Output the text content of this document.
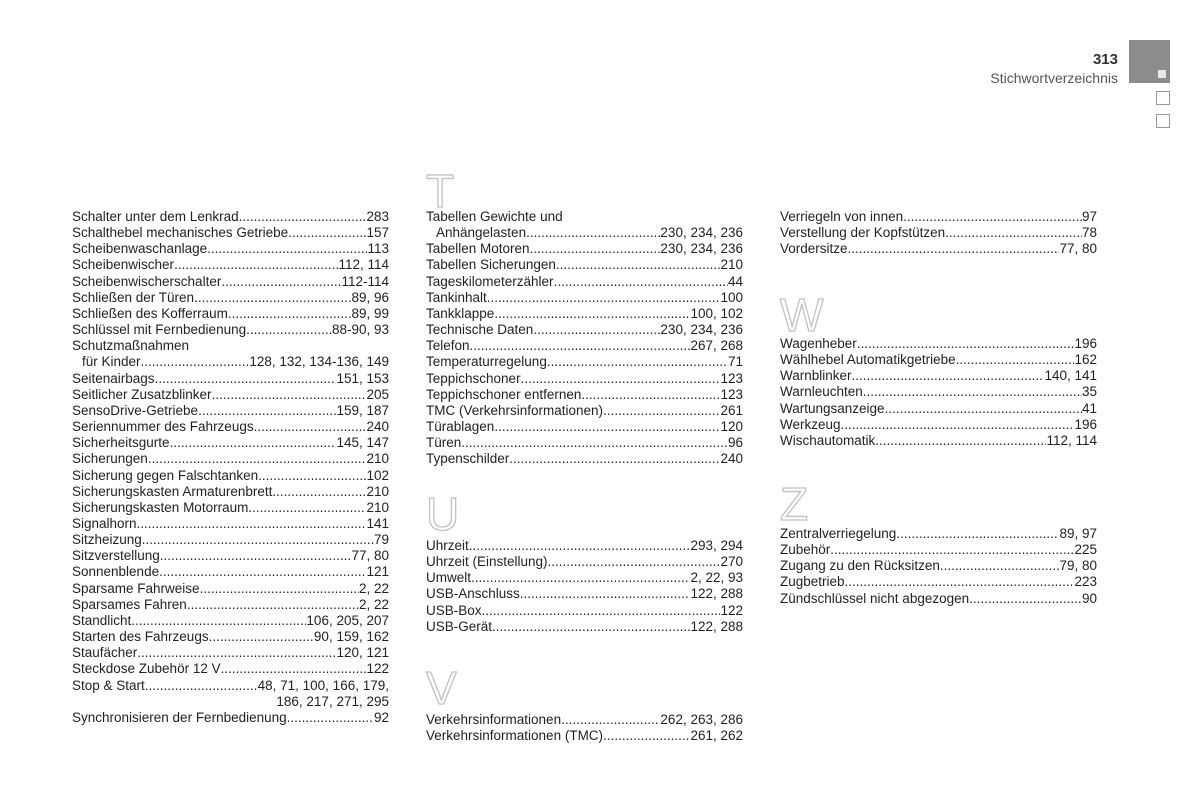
313
Stichwortverzeichnis
Schalter unter dem Lenkrad .....	283
Schalthebel mechanisches Getriebe .....	157
Scheibenwaschanlage .....	113
Scheibenwischer .....	112, 114
Scheibenwischerschalter .....	112-114
Schließen der Türen .....	89, 96
Schließen des Kofferraum .....	89, 99
Schlüssel mit Fernbedienung .....	88-90, 93
Schutzmaßnahmen
für Kinder .....	128, 132, 134-136, 149
Seitenairbags .....	151, 153
Seitlicher Zusatzblinker .....	205
SensoDrive-Getriebe .....	159, 187
Seriennummer des Fahrzeugs .....	240
Sicherheitsgurte .....	145, 147
Sicherungen .....	210
Sicherung gegen Falschtanken .....	102
Sicherungskasten Armaturenbrett .....	210
Sicherungskasten Motorraum .....	210
Signalhorn .....	141
Sitzheizung .....	79
Sitzverstellung .....	77, 80
Sonnenblende .....	121
Sparsame Fahrweise .....	2, 22
Sparsames Fahren .....	2, 22
Standlicht .....	106, 205, 207
Starten des Fahrzeugs .....	90, 159, 162
Staufächer .....	120, 121
Steckdose Zubehör 12 V .....	122
Stop & Start .....	48, 71, 100, 166, 179,
186, 217, 271, 295
Synchronisieren der Fernbedienung .....	92
T
Tabellen Gewichte und
Anhängelasten .....	230, 234, 236
Tabellen Motoren .....	230, 234, 236
Tabellen Sicherungen .....	210
Tageskilometerzähler .....	44
Tankinhalt .....	100
Tankklappe .....	100, 102
Technische Daten .....	230, 234, 236
Telefon .....	267, 268
Temperaturregelung .....	71
Teppichschoner .....	123
Teppichschoner entfernen .....	123
TMC (Verkehrsinformationen) .....	261
Türablagen .....	120
Türen .....	96
Typenschilder .....	240
U
Uhrzeit .....	293, 294
Uhrzeit (Einstellung) .....	270
Umwelt .....	2, 22, 93
USB-Anschluss .....	122, 288
USB-Box .....	122
USB-Gerät .....	122, 288
V
Verkehrsinformationen .....	262, 263, 286
Verkehrsinformationen (TMC) .....	261, 262
Verriegeln von innen .....	97
Verstellung der Kopfstützen .....	78
Vordersitze .....	77, 80
W
Wagenheber .....	196
Wählhebel Automatikgetriebe .....	162
Warnblinker .....	140, 141
Warnleuchten .....	35
Wartungsanzeige .....	41
Werkzeug .....	196
Wischautomatik .....	112, 114
Z
Zentralverriegelung .....	89, 97
Zubehör .....	225
Zugang zu den Rücksitzen .....	79, 80
Zugbetrieb .....	223
Zündschlüssel nicht abgezogen .....	90
